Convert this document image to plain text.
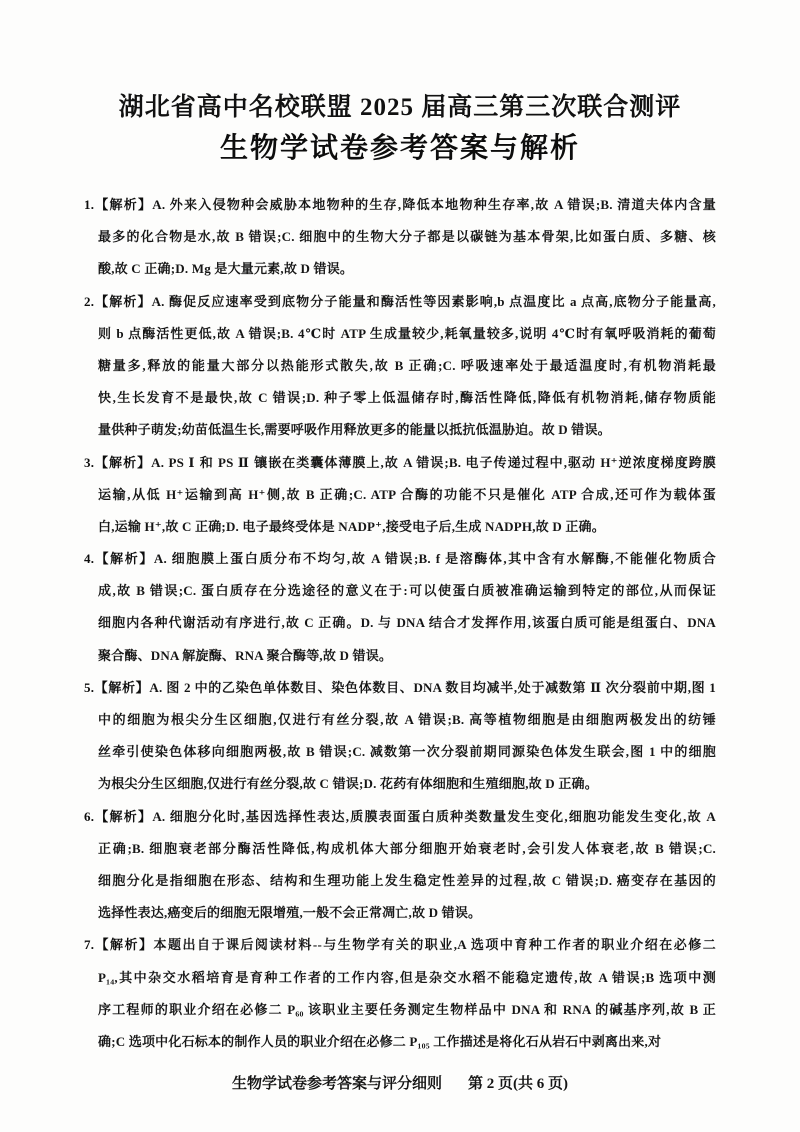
湖北省高中名校联盟 2025 届高三第三次联合测评
生物学试卷参考答案与解析
1.【解析】A. 外来入侵物种会威胁本地物种的生存,降低本地物种生存率,故 A 错误;B. 清道夫体内含量
最多的化合物是水,故 B 错误;C. 细胞中的生物大分子都是以碳链为基本骨架,比如蛋白质、多糖、核
酸,故 C 正确;D. Mg 是大量元素,故 D 错误。
2.【解析】A. 酶促反应速率受到底物分子能量和酶活性等因素影响,b 点温度比 a 点高,底物分子能量高,
则 b 点酶活性更低,故 A 错误;B. 4℃时 ATP 生成量较少,耗氧量较多,说明 4℃时有氧呼吸消耗的葡萄
糖量多,释放的能量大部分以热能形式散失,故 B 正确;C. 呼吸速率处于最适温度时,有机物消耗最
快,生长发育不是最快,故 C 错误;D. 种子零上低温储存时,酶活性降低,降低有机物消耗,储存物质能
量供种子萌发;幼苗低温生长,需要呼吸作用释放更多的能量以抵抗低温胁迫。故 D 错误。
3.【解析】A. PS Ⅰ 和 PS Ⅱ 镶嵌在类囊体薄膜上,故 A 错误;B. 电子传递过程中,驱动 H⁺逆浓度梯度跨膜
运输,从低 H⁺运输到高 H⁺侧,故 B 正确;C. ATP 合酶的功能不只是催化 ATP 合成,还可作为载体蛋
白,运输 H⁺,故 C 正确;D. 电子最终受体是 NADP⁺,接受电子后,生成 NADPH,故 D 正确。
4.【解析】A. 细胞膜上蛋白质分布不均匀,故 A 错误;B. f 是溶酶体,其中含有水解酶,不能催化物质合
成,故 B 错误;C. 蛋白质存在分选途径的意义在于:可以使蛋白质被准确运输到特定的部位,从而保证
细胞内各种代谢活动有序进行,故 C 正确。D. 与 DNA 结合才发挥作用,该蛋白质可能是组蛋白、DNA
聚合酶、DNA 解旋酶、RNA 聚合酶等,故 D 错误。
5.【解析】A. 图 2 中的乙染色单体数目、染色体数目、DNA 数目均减半,处于减数第 Ⅱ 次分裂前中期,图 1
中的细胞为根尖分生区细胞,仅进行有丝分裂,故 A 错误;B. 高等植物细胞是由细胞两极发出的纺锤
丝牵引使染色体移向细胞两极,故 B 错误;C. 减数第一次分裂前期同源染色体发生联会,图 1 中的细胞
为根尖分生区细胞,仅进行有丝分裂,故 C 错误;D. 花药有体细胞和生殖细胞,故 D 正确。
6.【解析】A. 细胞分化时,基因选择性表达,质膜表面蛋白质种类数量发生变化,细胞功能发生变化,故 A
正确;B. 细胞衰老部分酶活性降低,构成机体大部分细胞开始衰老时,会引发人体衰老,故 B 错误;C.
细胞分化是指细胞在形态、结构和生理功能上发生稳定性差异的过程,故 C 错误;D. 癌变存在基因的
选择性表达,癌变后的细胞无限增殖,一般不会正常凋亡,故 D 错误。
7.【解析】本题出自于课后阅读材料--与生物学有关的职业,A 选项中育种工作者的职业介绍在必修二
P₁₄,其中杂交水稻培育是育种工作者的工作内容,但是杂交水稻不能稳定遗传,故 A 错误;B 选项中测
序工程师的职业介绍在必修二 P₆₀ 该职业主要任务测定生物样品中 DNA 和 RNA 的碱基序列,故 B 正
确;C 选项中化石标本的制作人员的职业介绍在必修二 P₁₀₅ 工作描述是将化石从岩石中剥离出来,对
生物学试卷参考答案与评分细则 第 2 页(共 6 页)
